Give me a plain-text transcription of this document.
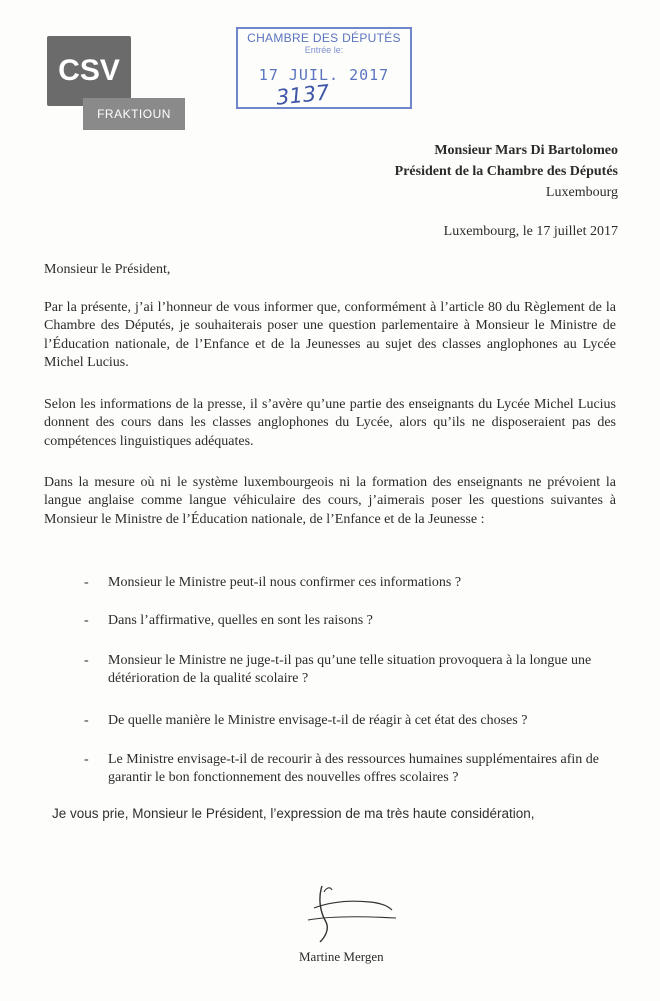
CSV
FRAKTIOUN
CHAMBRE DES DÉPUTÉS
Entrée le:
17 JUIL. 2017
3137
Monsieur Mars Di Bartolomeo
Président de la Chambre des Députés
Luxembourg
Luxembourg, le 17 juillet 2017
Monsieur le Président,

Par la présente, j’ai l’honneur de vous informer que, conformément à l’article 80 du Règlement de la Chambre des Députés, je souhaiterais poser une question parlementaire à Monsieur le Ministre de l’Éducation nationale, de l’Enfance et de la Jeunesses au sujet des classes anglophones au Lycée Michel Lucius.

Selon les informations de la presse, il s’avère qu’une partie des enseignants du Lycée Michel Lucius donnent des cours dans les classes anglophones du Lycée, alors qu’ils ne disposeraient pas des compétences linguistiques adéquates.

Dans la mesure où ni le système luxembourgeois ni la formation des enseignants ne prévoient la langue anglaise comme langue véhiculaire des cours, j’aimerais poser les questions suivantes à Monsieur le Ministre de l’Éducation nationale, de l’Enfance et de la Jeunesse :

- Monsieur le Ministre peut-il nous confirmer ces informations ?
- Dans l’affirmative, quelles en sont les raisons ?
- Monsieur le Ministre ne juge-t-il pas qu’une telle situation provoquera à la longue une détérioration de la qualité scolaire ?
- De quelle manière le Ministre envisage-t-il de réagir à cet état des choses ?
- Le Ministre envisage-t-il de recourir à des ressources humaines supplémentaires afin de garantir le bon fonctionnement des nouvelles offres scolaires ?
Je vous prie, Monsieur le Président, l’expression de ma très haute considération,
Martine Mergen
